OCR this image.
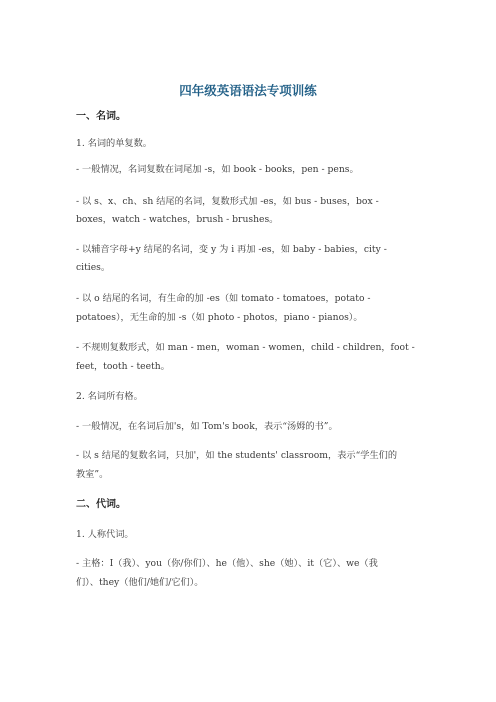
四年级英语语法专项训练
一、名词。
1. 名词的单复数。
- 一般情况，名词复数在词尾加 -s，如 book - books，pen - pens。
- 以 s、x、ch、sh 结尾的名词，复数形式加 -es，如 bus - buses，box -
boxes，watch - watches，brush - brushes。
- 以辅音字母+y 结尾的名词，变 y 为 i 再加 -es，如 baby - babies，city -
cities。
- 以 o 结尾的名词，有生命的加 -es（如 tomato - tomatoes，potato -
potatoes），无生命的加 -s（如 photo - photos，piano - pianos）。
- 不规则复数形式，如 man - men，woman - women，child - children，foot -
feet，tooth - teeth。
2. 名词所有格。
- 一般情况，在名词后加's，如 Tom's book，表示“汤姆的书”。
- 以 s 结尾的复数名词，只加'，如 the students' classroom，表示“学生们的
教室”。
二、代词。
1. 人称代词。
- 主格：I（我）、you（你/你们）、he（他）、she（她）、it（它）、we（我
们）、they（他们/她们/它们）。
